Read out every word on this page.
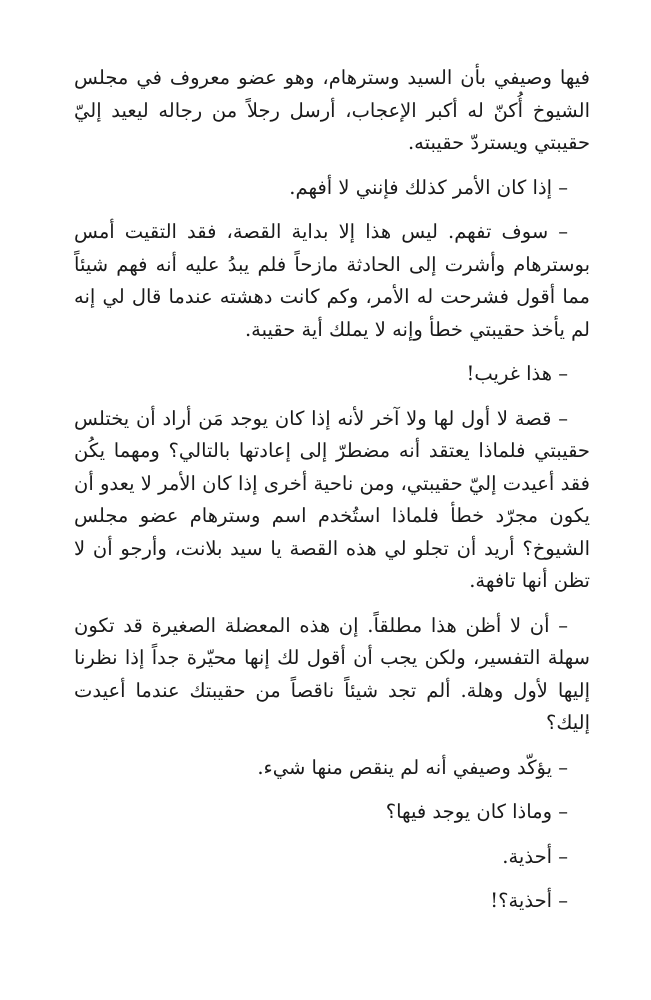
فيها وصيفي بأن السيد وسترهام، وهو عضو معروف في مجلس الشيوخ أُكنّ له أكبر الإعجاب، أرسل رجلاً من رجاله ليعيد إليّ حقيبتي ويستردّ حقيبته.

– إذا كان الأمر كذلك فإنني لا أفهم.

– سوف تفهم. ليس هذا إلا بداية القصة، فقد التقيت أمس بوسترهام وأشرت إلى الحادثة مازحاً فلم يبدُ عليه أنه فهم شيئاً مما أقول فشرحت له الأمر، وكم كانت دهشته عندما قال لي إنه لم يأخذ حقيبتي خطأ وإنه لا يملك أية حقيبة.

– هذا غريب!

– قصة لا أول لها ولا آخر لأنه إذا كان يوجد مَن أراد أن يختلس حقيبتي فلماذا يعتقد أنه مضطرّ إلى إعادتها بالتالي؟ ومهما يكُن فقد أعيدت إليّ حقيبتي، ومن ناحية أخرى إذا كان الأمر لا يعدو أن يكون مجرّد خطأ فلماذا استُخدم اسم وسترهام عضو مجلس الشيوخ؟ أريد أن تجلو لي هذه القصة يا سيد بلانت، وأرجو أن لا تظن أنها تافهة.

– أن لا أظن هذا مطلقاً. إن هذه المعضلة الصغيرة قد تكون سهلة التفسير، ولكن يجب أن أقول لك إنها محيّرة جداً إذا نظرنا إليها لأول وهلة. ألم تجد شيئاً ناقصاً من حقيبتك عندما أعيدت إليك؟

– يؤكّد وصيفي أنه لم ينقص منها شيء.

– وماذا كان يوجد فيها؟

– أحذية.

– أحذية؟!
